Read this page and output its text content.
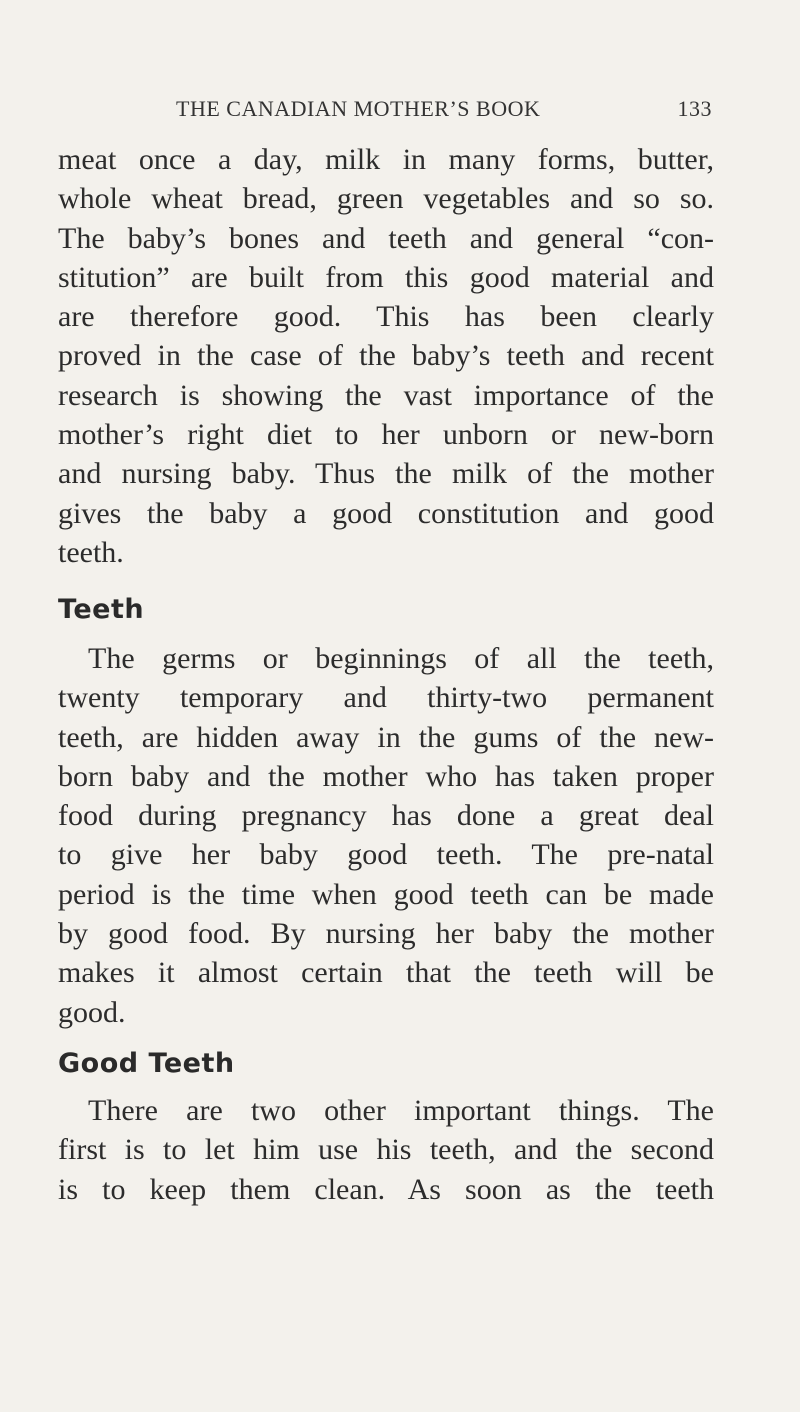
THE CANADIAN MOTHER’S BOOK	133

meat once a day, milk in many forms, butter,
whole wheat bread, green vegetables and so so.
The baby’s bones and teeth and general “con-
stitution” are built from this good material and
are therefore good. This has been clearly
proved in the case of the baby’s teeth and recent
research is showing the vast importance of the
mother’s right diet to her unborn or new-born
and nursing baby. Thus the milk of the mother
gives the baby a good constitution and good
teeth.

Teeth

The germs or beginnings of all the teeth,
twenty temporary and thirty-two permanent
teeth, are hidden away in the gums of the new-
born baby and the mother who has taken proper
food during pregnancy has done a great deal
to give her baby good teeth. The pre-natal
period is the time when good teeth can be made
by good food. By nursing her baby the mother
makes it almost certain that the teeth will be
good.

Good Teeth

There are two other important things. The
first is to let him use his teeth, and the second
is to keep them clean. As soon as the teeth
